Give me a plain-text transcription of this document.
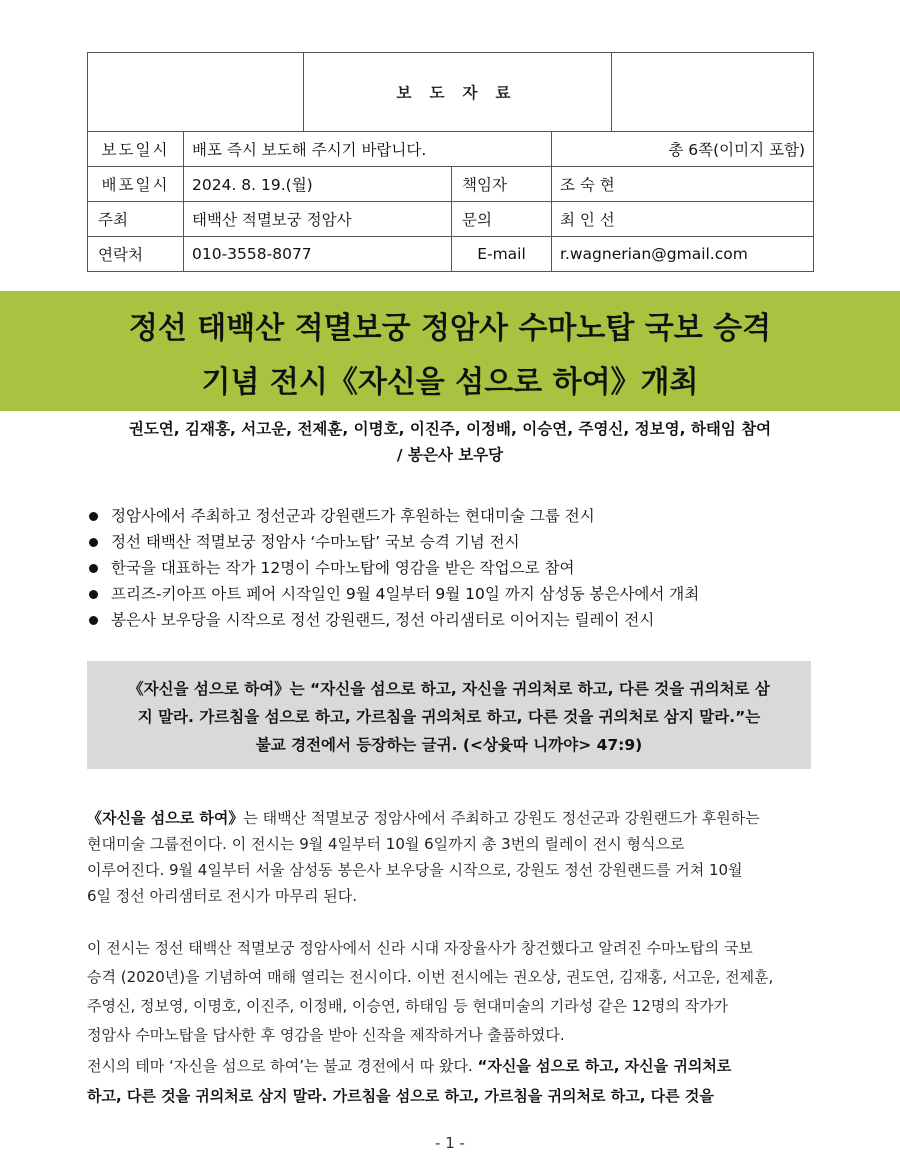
		보도자료			
보도일시	배포 즉시 보도해 주시기 바랍니다.			총 6쪽(이미지 포함)	
배포일시	2024. 8. 19.(월)		책임자	조 숙 현	
주최	태백산 적멸보궁 정암사		문의	최 인 선	
연락처	010-3558-8077		E-mail	r.wagnerian@gmail.com	
정선 태백산 적멸보궁 정암사 수마노탑 국보 승격
기념 전시《자신을 섬으로 하여》개최
권도연, 김재홍, 서고운, 전제훈, 이명호, 이진주, 이정배, 이승연, 주영신, 정보영, 하태임 참여
/ 봉은사 보우당
정암사에서 주최하고 정선군과 강원랜드가 후원하는 현대미술 그룹 전시
정선 태백산 적멸보궁 정암사 ‘수마노탑’ 국보 승격 기념 전시
한국을 대표하는 작가 12명이 수마노탑에 영감을 받은 작업으로 참여
프리즈-키아프 아트 페어 시작일인 9월 4일부터 9월 10일 까지 삼성동 봉은사에서 개최
봉은사 보우당을 시작으로 정선 강원랜드, 정선 아리샘터로 이어지는 릴레이 전시
《자신을 섬으로 하여》는 “자신을 섬으로 하고, 자신을 귀의처로 하고, 다른 것을 귀의처로 삼
지 말라. 가르침을 섬으로 하고, 가르침을 귀의처로 하고, 다른 것을 귀의처로 삼지 말라.”는
불교 경전에서 등장하는 글귀. (<상윳따 니까야> 47:9)
《자신을 섬으로 하여》는 태백산 적멸보궁 정암사에서 주최하고 강원도 정선군과 강원랜드가 후원하는
현대미술 그룹전이다. 이 전시는 9월 4일부터 10월 6일까지 총 3번의 릴레이 전시 형식으로
이루어진다. 9월 4일부터 서울 삼성동 봉은사 보우당을 시작으로, 강원도 정선 강원랜드를 거쳐 10월
6일 정선 아리샘터로 전시가 마무리 된다.
이 전시는 정선 태백산 적멸보궁 정암사에서 신라 시대 자장율사가 창건했다고 알려진 수마노탑의 국보
승격 (2020년)을 기념하여 매해 열리는 전시이다. 이번 전시에는 권오상, 권도연, 김재홍, 서고운, 전제훈,
주영신, 정보영, 이명호, 이진주, 이정배, 이승연, 하태임 등 현대미술의 기라성 같은 12명의 작가가
정암사 수마노탑을 답사한 후 영감을 받아 신작을 제작하거나 출품하였다.
전시의 테마 ‘자신을 섬으로 하여’는 불교 경전에서 따 왔다. “자신을 섬으로 하고, 자신을 귀의처로
하고, 다른 것을 귀의처로 삼지 말라. 가르침을 섬으로 하고, 가르침을 귀의처로 하고, 다른 것을
- 1 -
